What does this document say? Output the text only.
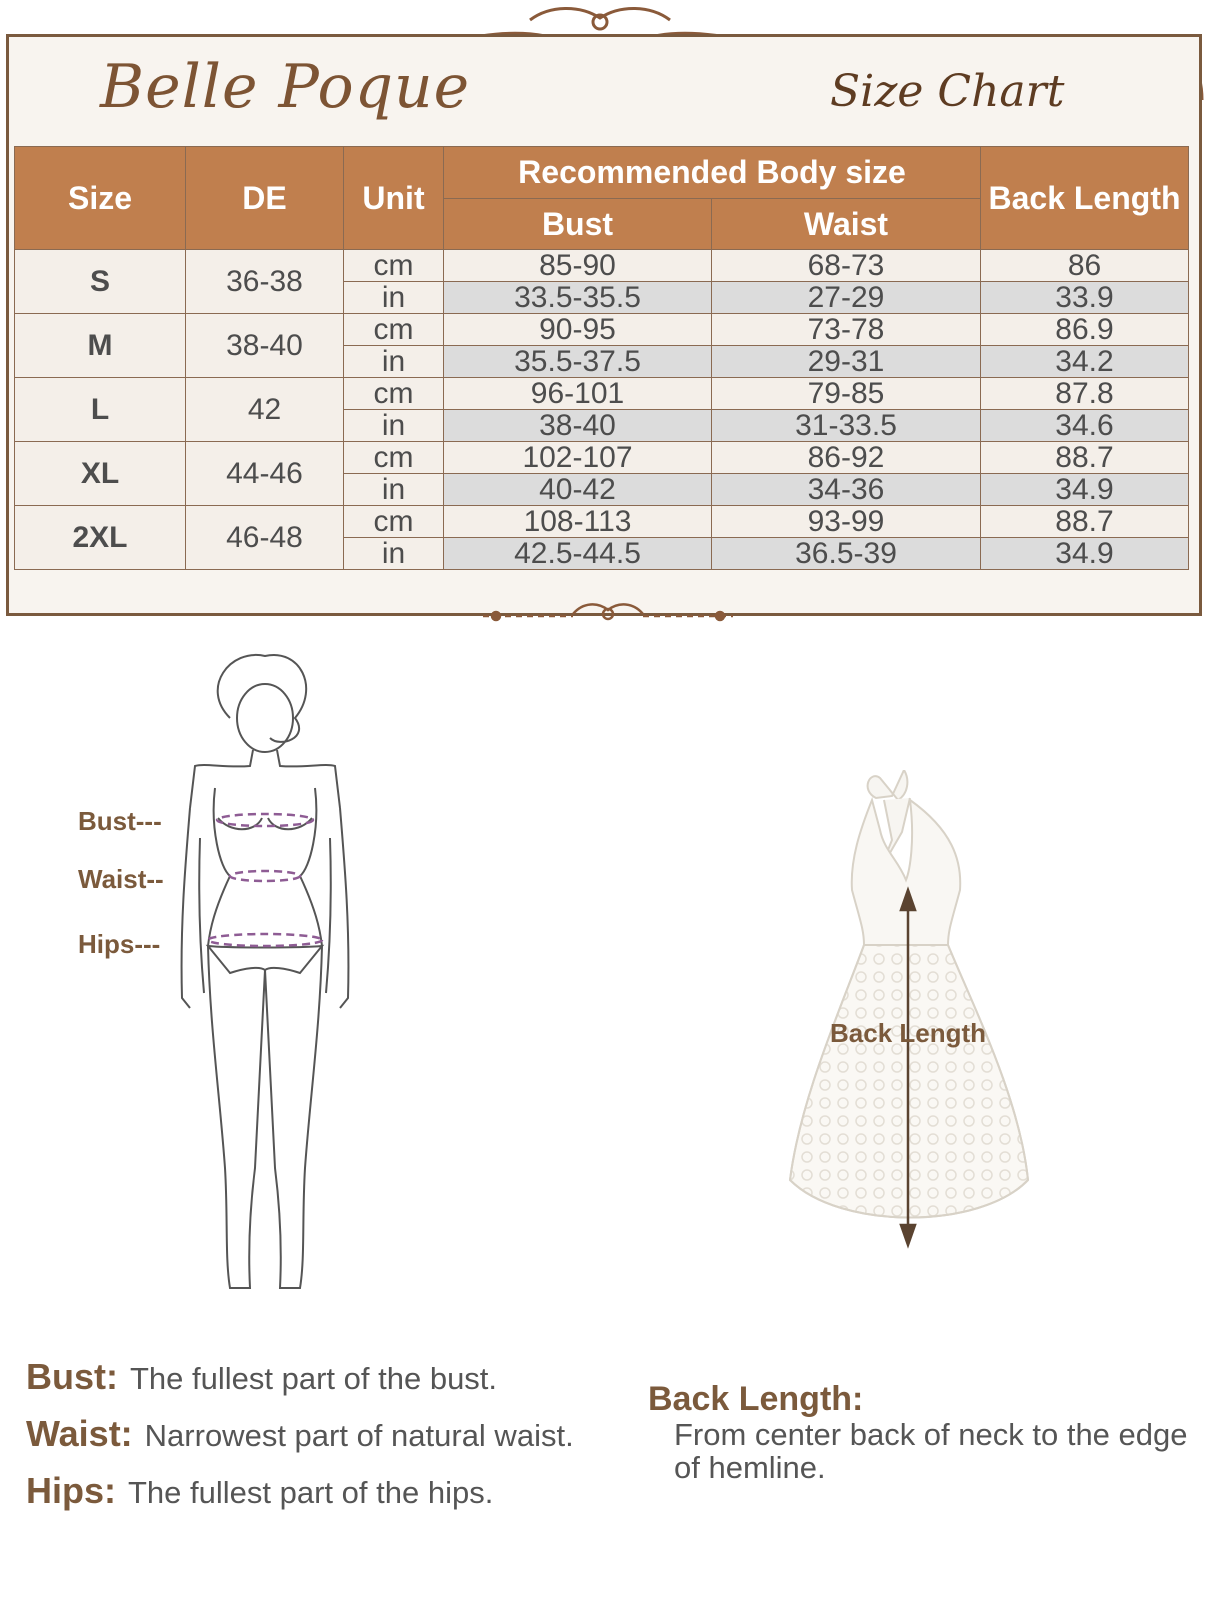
Belle Poque	Size Chart
Size	DE	Unit	Recommended Body size		Back Length
			Bust	Waist	
S	36-38	cm	85-90	68-73	86
		in	33.5-35.5	27-29	33.9
M	38-40	cm	90-95	73-78	86.9
		in	35.5-37.5	29-31	34.2
L	42	cm	96-101	79-85	87.8
		in	38-40	31-33.5	34.6
XL	44-46	cm	102-107	86-92	88.7
		in	40-42	34-36	34.9
2XL	46-48	cm	108-113	93-99	88.7
		in	42.5-44.5	36.5-39	34.9
Bust---
Waist--
Hips---
Back Length
Bust: The fullest part of the bust.
Waist: Narrowest part of natural waist.
Hips: The fullest part of the hips.
Back Length:
From center back of neck to the edge of hemline.
